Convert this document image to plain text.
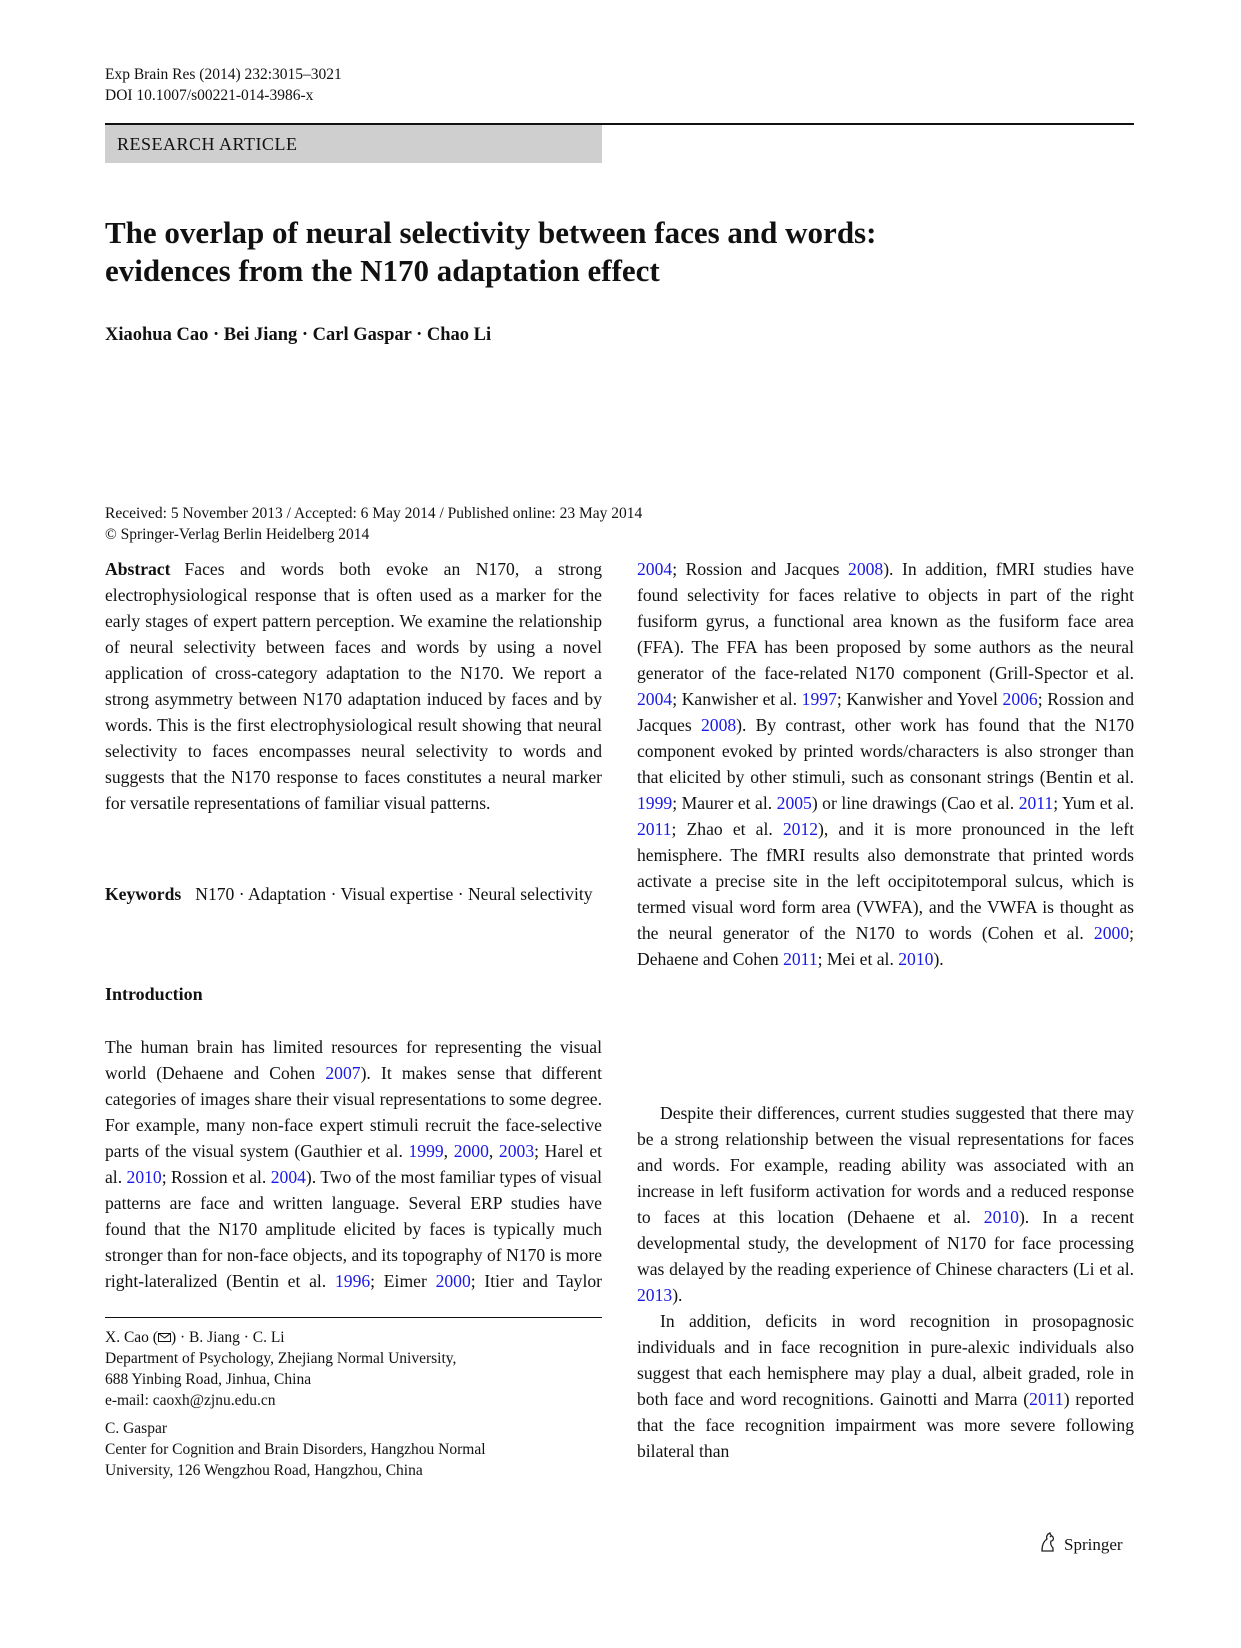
Exp Brain Res (2014) 232:3015–3021
DOI 10.1007/s00221-014-3986-x
RESEARCH ARTICLE
The overlap of neural selectivity between faces and words:
evidences from the N170 adaptation effect
Xiaohua Cao · Bei Jiang · Carl Gaspar · Chao Li
Received: 5 November 2013 / Accepted: 6 May 2014 / Published online: 23 May 2014
© Springer-Verlag Berlin Heidelberg 2014

Abstract Faces and words both evoke an N170, a strong electrophysiological response that is often used as a marker for the early stages of expert pattern perception. We examine the relationship of neural selectivity between faces and words by using a novel application of cross-category adaptation to the N170. We report a strong asymmetry between N170 adaptation induced by faces and by words. This is the first electrophysiological result showing that neural selectivity to faces encompasses neural selectivity to words and suggests that the N170 response to faces constitutes a neural marker for versatile representations of familiar visual patterns.

Keywords N170 · Adaptation · Visual expertise · Neural selectivity

Introduction

The human brain has limited resources for representing the visual world (Dehaene and Cohen 2007). It makes sense that different categories of images share their visual representations to some degree. For example, many non-face expert stimuli recruit the face-selective parts of the visual system (Gauthier et al. 1999, 2000, 2003; Harel et al. 2010; Rossion et al. 2004). Two of the most familiar types of visual patterns are face and written language. Several ERP studies have found that the N170 amplitude elicited by faces is typically much stronger than for non-face objects, and its topography of N170 is more right-lateralized (Bentin et al. 1996; Eimer 2000; Itier and Taylor

2004; Rossion and Jacques 2008). In addition, fMRI studies have found selectivity for faces relative to objects in part of the right fusiform gyrus, a functional area known as the fusiform face area (FFA). The FFA has been proposed by some authors as the neural generator of the face-related N170 component (Grill-Spector et al. 2004; Kanwisher et al. 1997; Kanwisher and Yovel 2006; Rossion and Jacques 2008). By contrast, other work has found that the N170 component evoked by printed words/characters is also stronger than that elicited by other stimuli, such as consonant strings (Bentin et al. 1999; Maurer et al. 2005) or line drawings (Cao et al. 2011; Yum et al. 2011; Zhao et al. 2012), and it is more pronounced in the left hemisphere. The fMRI results also demonstrate that printed words activate a precise site in the left occipitotemporal sulcus, which is termed visual word form area (VWFA), and the VWFA is thought as the neural generator of the N170 to words (Cohen et al. 2000; Dehaene and Cohen 2011; Mei et al. 2010).

Despite their differences, current studies suggested that there may be a strong relationship between the visual representations for faces and words. For example, reading ability was associated with an increase in left fusiform activation for words and a reduced response to faces at this location (Dehaene et al. 2010). In a recent developmental study, the development of N170 for face processing was delayed by the reading experience of Chinese characters (Li et al. 2013).

In addition, deficits in word recognition in prosopagnosic individuals and in face recognition in pure-alexic individuals also suggest that each hemisphere may play a dual, albeit graded, role in both face and word recognitions. Gainotti and Marra (2011) reported that the face recognition impairment was more severe following bilateral than

X. Cao ( ) · B. Jiang · C. Li
Department of Psychology, Zhejiang Normal University,
688 Yinbing Road, Jinhua, China
e-mail: caoxh@zjnu.edu.cn
C. Gaspar
Center for Cognition and Brain Disorders, Hangzhou Normal
University, 126 Wengzhou Road, Hangzhou, China
Springer
